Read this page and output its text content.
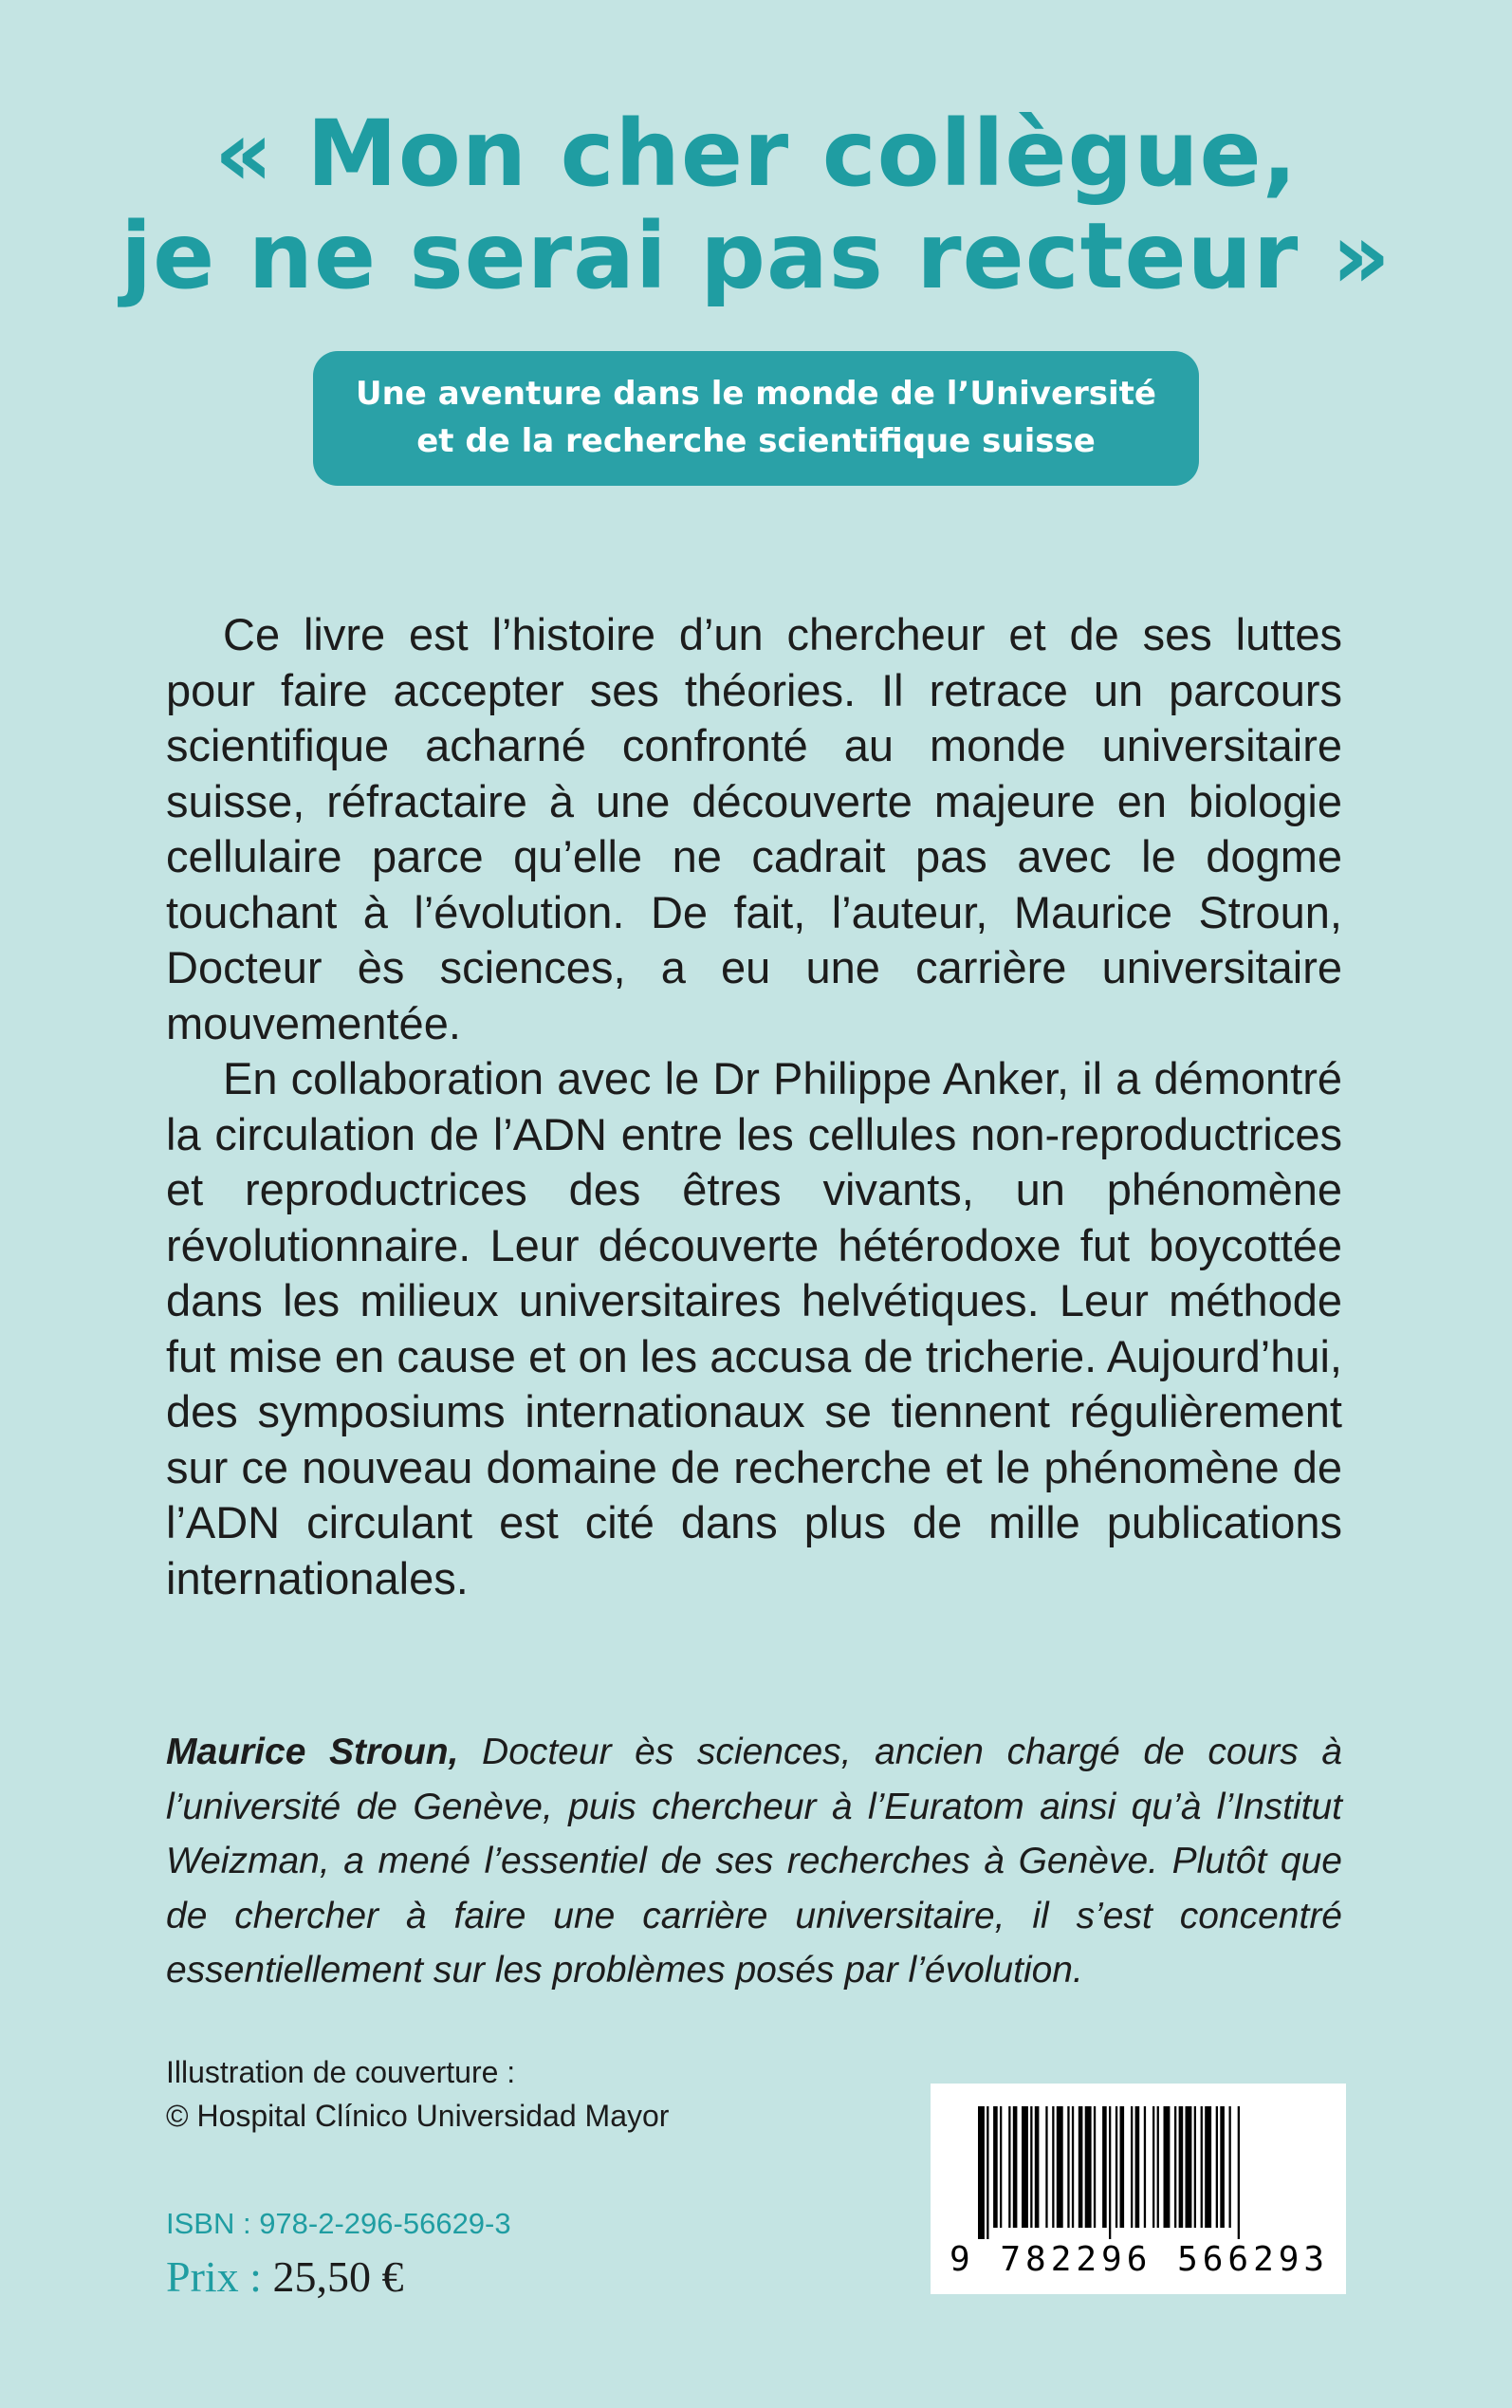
« Mon cher collègue,
je ne serai pas recteur »
Une aventure dans le monde de l’Université
et de la recherche scientifique suisse

Ce livre est l’histoire d’un chercheur et de ses luttes pour faire accepter ses théories. Il retrace un parcours scientifique acharné confronté au monde universitaire suisse, réfractaire à une découverte majeure en biologie cellulaire parce qu’elle ne cadrait pas avec le dogme touchant à l’évolution. De fait, l’auteur, Maurice Stroun, Docteur ès sciences, a eu une carrière universitaire mouvementée.

En collaboration avec le Dr Philippe Anker, il a démontré la circulation de l’ADN entre les cellules non-reproductrices et reproductrices des êtres vivants, un phénomène révolutionnaire. Leur découverte hétérodoxe fut boycottée dans les milieux universitaires helvétiques. Leur méthode fut mise en cause et on les accusa de tricherie. Aujourd’hui, des symposiums internationaux se tiennent régulièrement sur ce nouveau domaine de recherche et le phénomène de l’ADN circulant est cité dans plus de mille publications internationales.

Maurice Stroun, Docteur ès sciences, ancien chargé de cours à l’université de Genève, puis chercheur à l’Euratom ainsi qu’à l’Institut Weizman, a mené l’essentiel de ses recherches à Genève. Plutôt que de chercher à faire une carrière universitaire, il s’est concentré essentiellement sur les problèmes posés par l’évolution.
Illustration de couverture :
© Hospital Clínico Universidad Mayor
ISBN : 978-2-296-56629-3
Prix : 25,50 €	9 782296 566293
